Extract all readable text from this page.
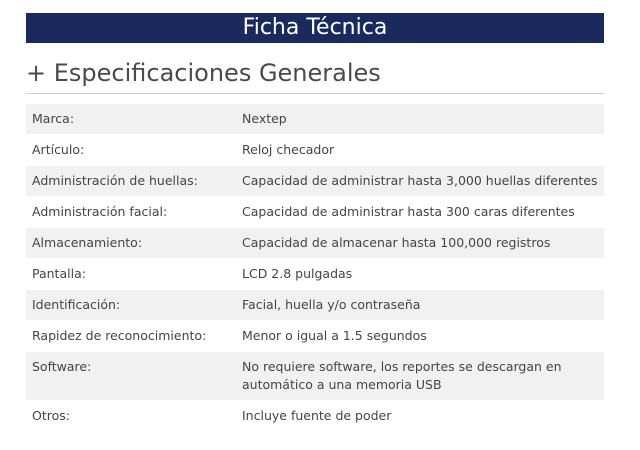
Ficha Técnica
+ Especificaciones Generales
Marca:	Nextep
Artículo:	Reloj checador
Administración de huellas:	Capacidad de administrar hasta 3,000 huellas diferentes
Administración facial:	Capacidad de administrar hasta 300 caras diferentes
Almacenamiento:	Capacidad de almacenar hasta 100,000 registros
Pantalla:	LCD 2.8 pulgadas
Identificación:	Facial, huella y/o contraseña
Rapidez de reconocimiento:	Menor o igual a 1.5 segundos
Software:	No requiere software, los reportes se descargan en automático a una memoria USB
Otros:	Incluye fuente de poder
